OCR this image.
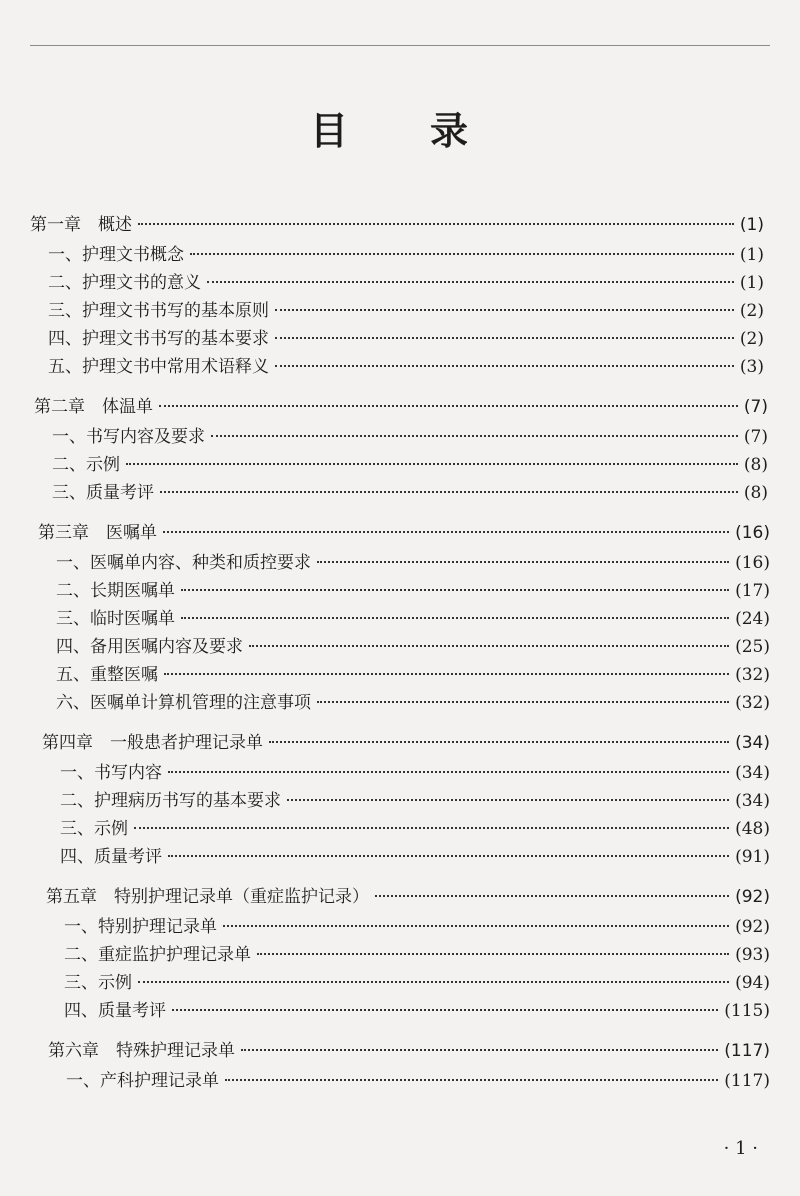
目　录
第一章　概述	(1)
一、护理文书概念	(1)
二、护理文书的意义	(1)
三、护理文书书写的基本原则	(2)
四、护理文书书写的基本要求	(2)
五、护理文书中常用术语释义	(3)
第二章　体温单	(7)
一、书写内容及要求	(7)
二、示例	(8)
三、质量考评	(8)
第三章　医嘱单	(16)
一、医嘱单内容、种类和质控要求	(16)
二、长期医嘱单	(17)
三、临时医嘱单	(24)
四、备用医嘱内容及要求	(25)
五、重整医嘱	(32)
六、医嘱单计算机管理的注意事项	(32)
第四章　一般患者护理记录单	(34)
一、书写内容	(34)
二、护理病历书写的基本要求	(34)
三、示例	(48)
四、质量考评	(91)
第五章　特别护理记录单（重症监护记录）	(92)
一、特别护理记录单	(92)
二、重症监护护理记录单	(93)
三、示例	(94)
四、质量考评	(115)
第六章　特殊护理记录单	(117)
一、产科护理记录单	(117)
· 1 ·
